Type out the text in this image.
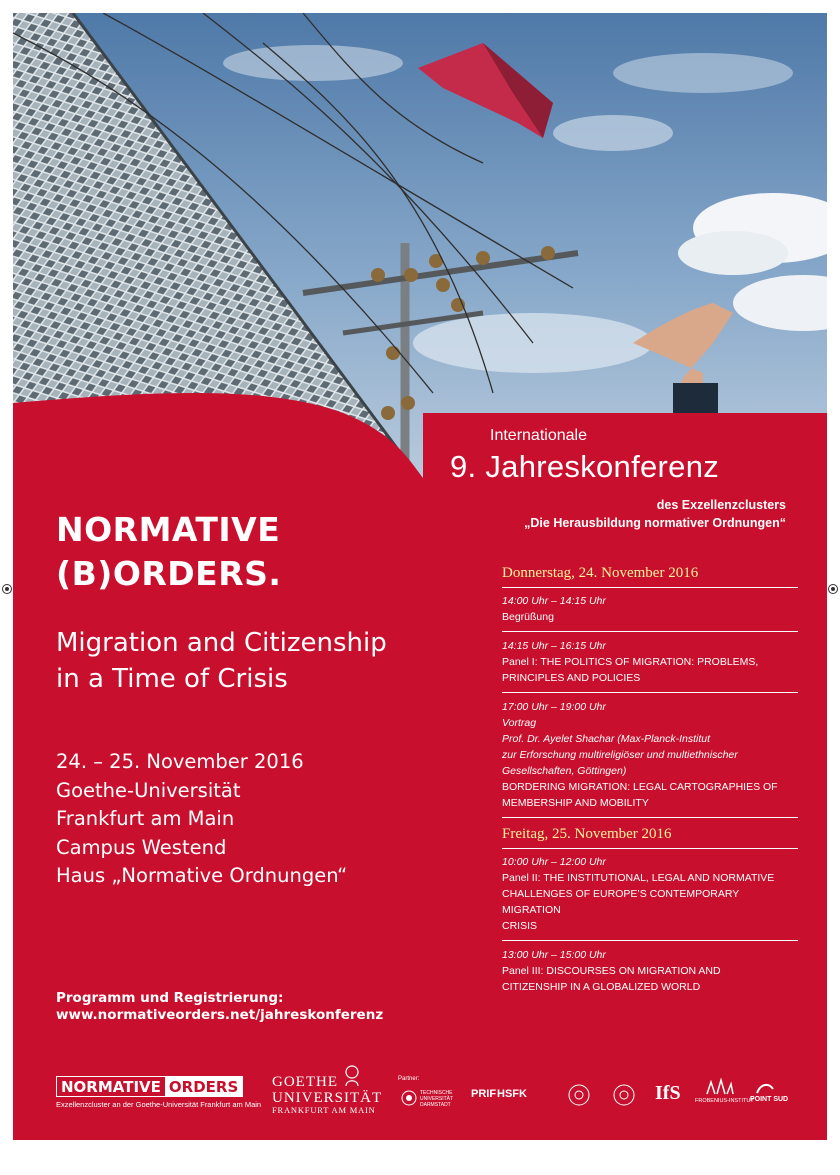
Internationale
9. Jahreskonferenz
des Exzellenzclusters
„Die Herausbildung normativer Ordnungen“
NORMATIVE
(B)ORDERS.
Migration and Citizenship
in a Time of Crisis
24. – 25. November 2016
Goethe-Universität
Frankfurt am Main
Campus Westend
Haus „Normative Ordnungen“
Programm und Registrierung:
www.normativeorders.net/jahreskonferenz
Donnerstag, 24. November 2016
14:00 Uhr – 14:15 Uhr
Begrüßung
14:15 Uhr – 16:15 Uhr
Panel I: THE POLITICS OF MIGRATION: PROBLEMS,
PRINCIPLES AND POLICIES
17:00 Uhr – 19:00 Uhr
Vortrag
Prof. Dr. Ayelet Shachar (Max-Planck-Institut
zur Erforschung multireligiöser und multiethnischer
Gesellschaften, Göttingen)
BORDERING MIGRATION: LEGAL CARTOGRAPHIES OF
MEMBERSHIP AND MOBILITY
Freitag, 25. November 2016
10:00 Uhr – 12:00 Uhr
Panel II: THE INSTITUTIONAL, LEGAL AND NORMATIVE
CHALLENGES OF EUROPE’S CONTEMPORARY MIGRATION
CRISIS
13:00 Uhr – 15:00 Uhr
Panel III: DISCOURSES ON MIGRATION AND
CITIZENSHIP IN A GLOBALIZED WORLD
NORMATIVE ORDERS
Exzellenzcluster an der Goethe-Universität Frankfurt am Main
GOETHE
UNIVERSITÄT
FRANKFURT AM MAIN
Partner:
TECHNISCHE UNIVERSITÄT DARMSTADT
PRIF HSFK	IfS	FROBENIUS-INSTITUT
POINT SUD
